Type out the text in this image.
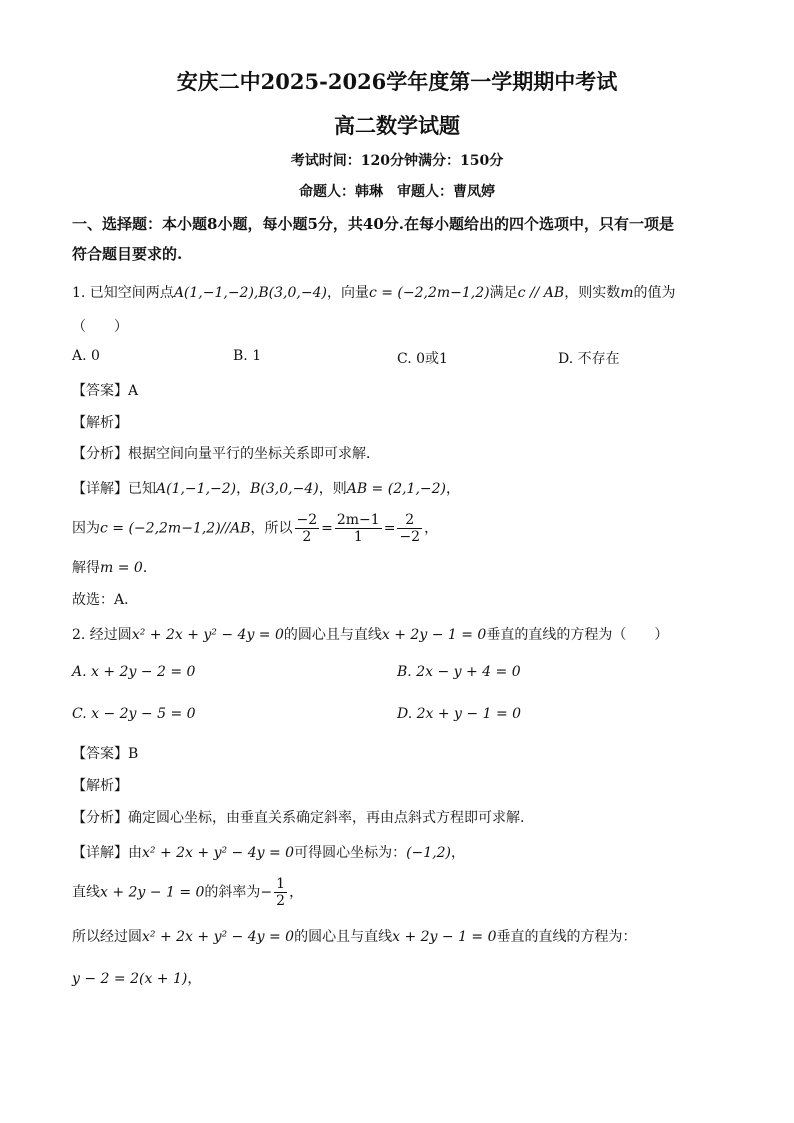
安庆二中2025-2026学年度第一学期期中考试
高二数学试题
考试时间：120分钟满分：150分
命题人：韩琳　审题人：曹凤婷
一、选择题：本小题8小题，每小题5分，共40分.在每小题给出的四个选项中，只有一项是
符合题目要求的.
1. 已知空间两点A(1,−1,−2),B(3,0,−4)，向量c = (−2,2m−1,2)满足c // AB，则实数m的值为
（　　）
A. 0	B. 1	C. 0或1	D. 不存在
【答案】A
【解析】
【分析】根据空间向量平行的坐标关系即可求解．
【详解】已知A(1,−1,−2)，B(3,0,−4)，则AB = (2,1,−2)，
因为c = (−2,2m−1,2)//AB，所以 $\frac{-2}{2} = \frac{2m-1}{1} = \frac{2}{-2}$ ，
解得m = 0．
故选：A．
2. 经过圆x² + 2x + y² − 4y = 0的圆心且与直线x + 2y − 1 = 0垂直的直线的方程为（　　）
A. x + 2y − 2 = 0	B. 2x − y + 4 = 0
C. x − 2y − 5 = 0	D. 2x + y − 1 = 0
【答案】B
【解析】
【分析】确定圆心坐标，由垂直关系确定斜率，再由点斜式方程即可求解.
【详解】由x² + 2x + y² − 4y = 0可得圆心坐标为：(−1,2)，
直线x + 2y − 1 = 0的斜率为− $\frac{1}{2}$ ，
所以经过圆x² + 2x + y² − 4y = 0的圆心且与直线x + 2y − 1 = 0垂直的直线的方程为：
y − 2 = 2(x + 1)，
